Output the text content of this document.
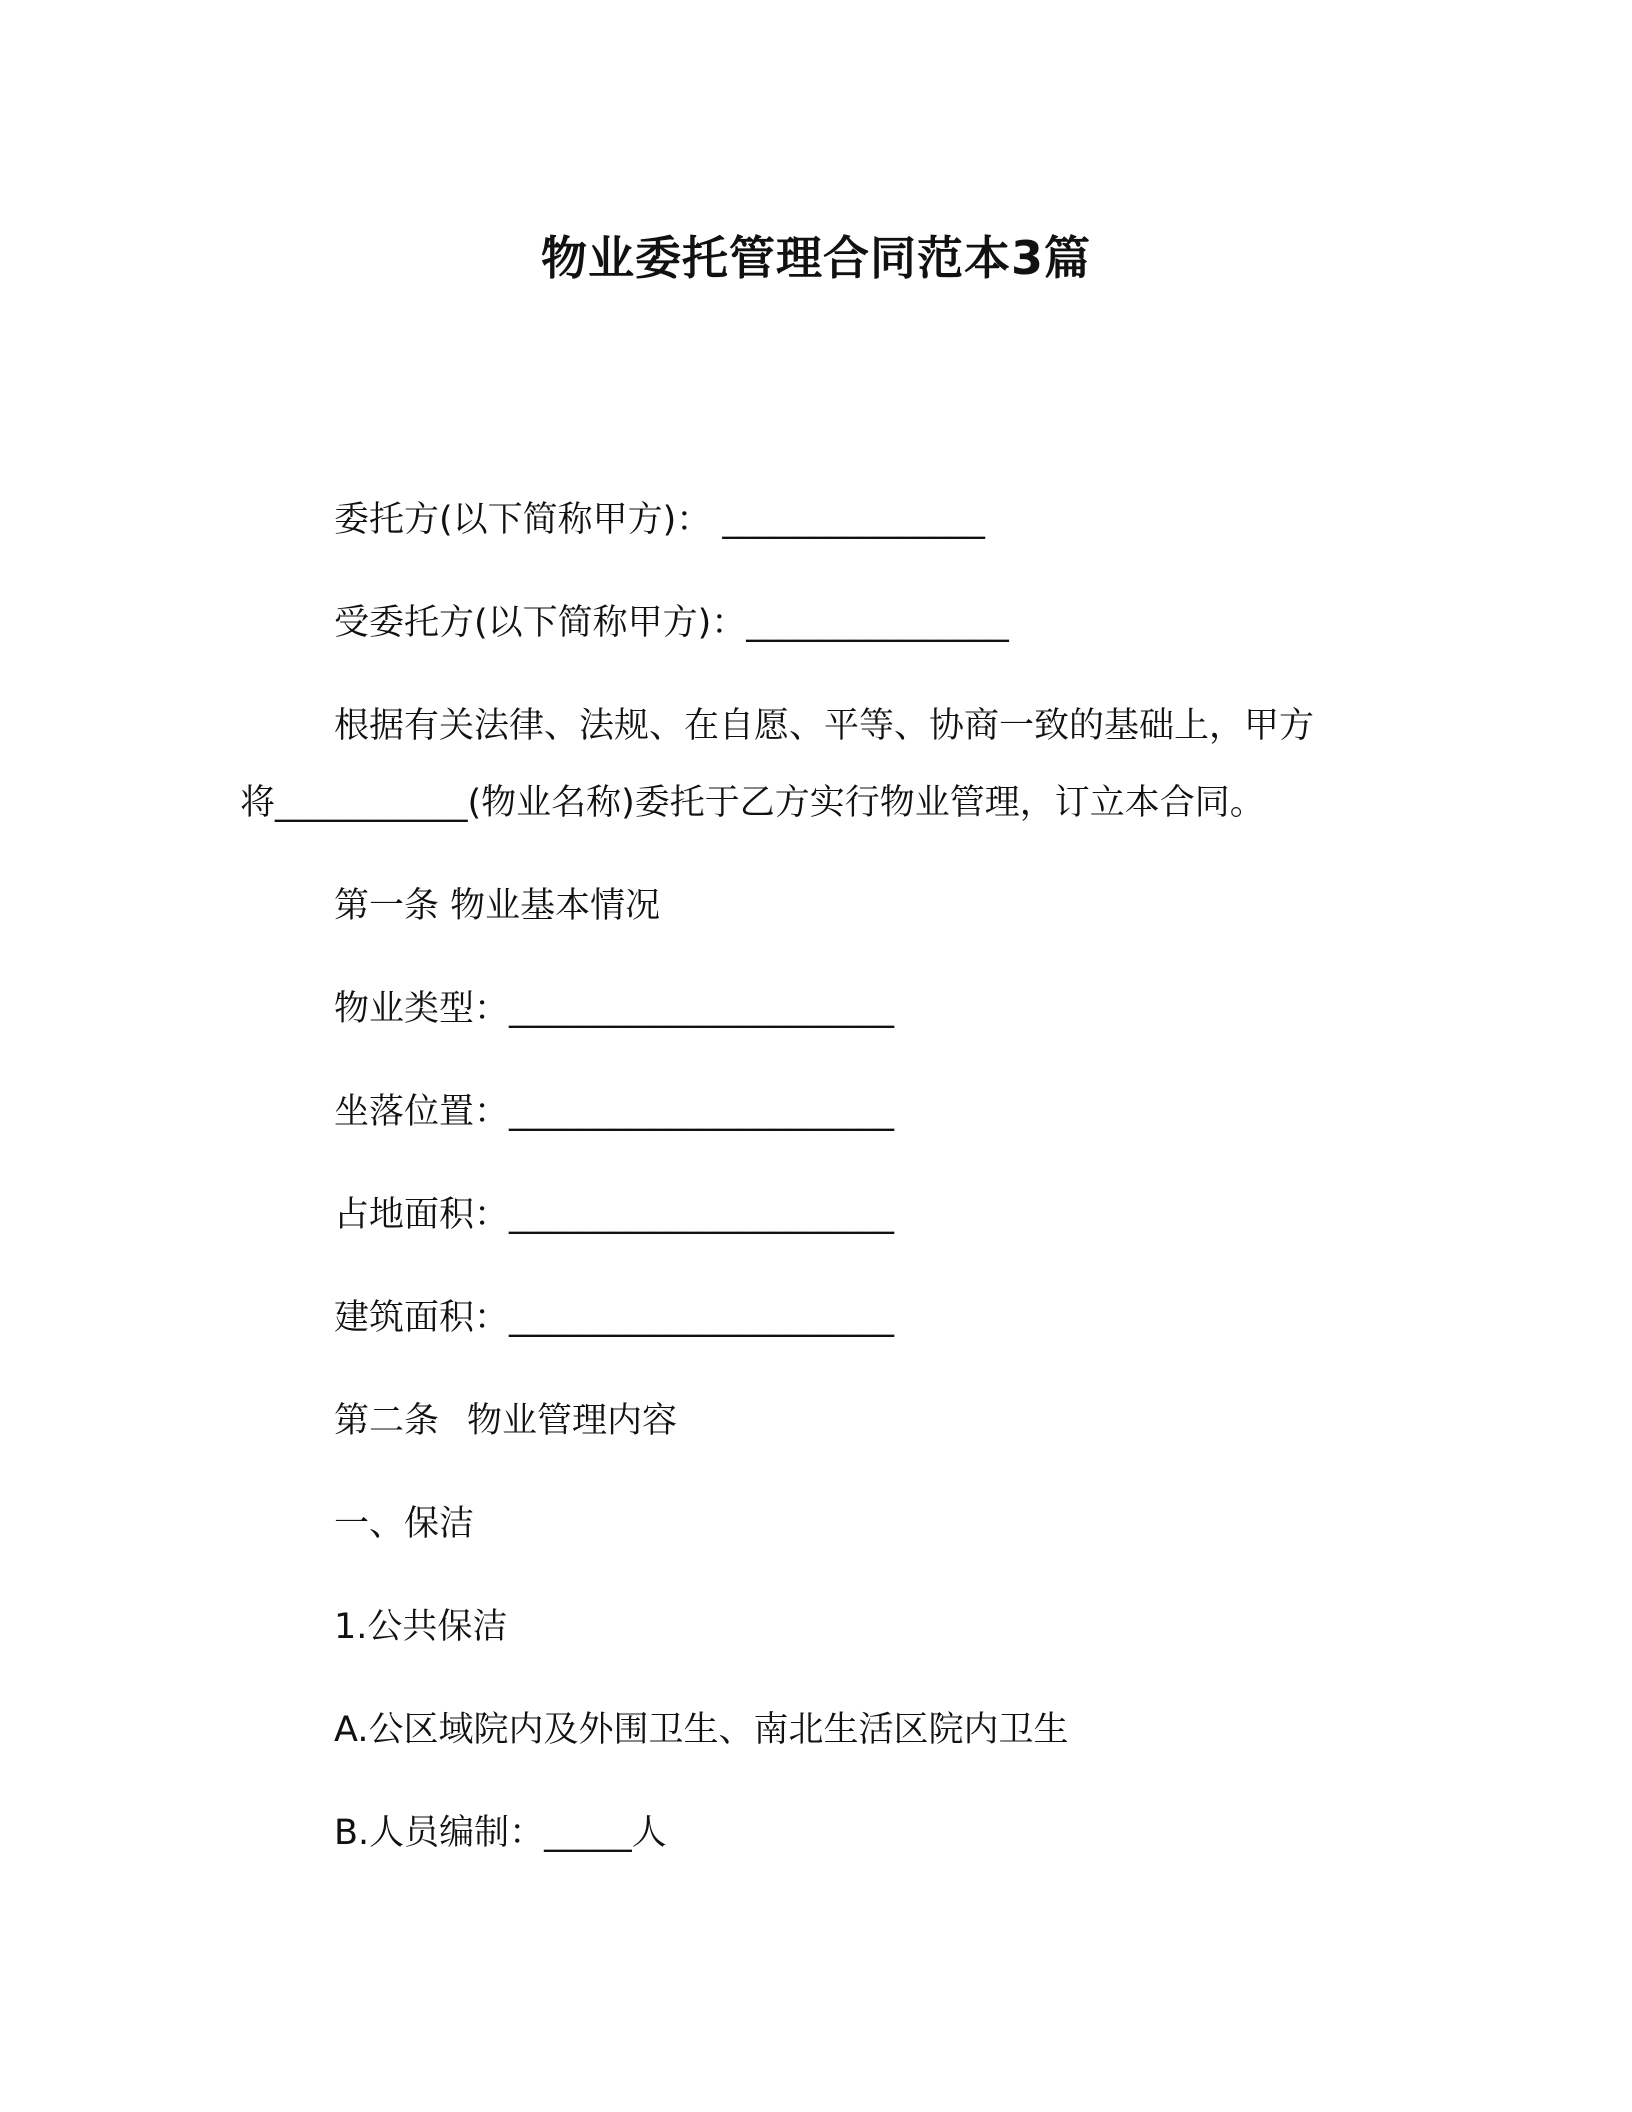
物业委托管理合同范本3篇
委托方(以下简称甲方)： _______________
受委托方(以下简称甲方)：_______________
根据有关法律、法规、在自愿、平等、协商一致的基础上，甲方
将___________(物业名称)委托于乙方实行物业管理，订立本合同。
第一条 物业基本情况
物业类型：______________________
坐落位置：______________________
占地面积：______________________
建筑面积：______________________
第二条 物业管理内容
一、保洁
1.公共保洁
A.公区域院内及外围卫生、南北生活区院内卫生
B.人员编制：_____人
